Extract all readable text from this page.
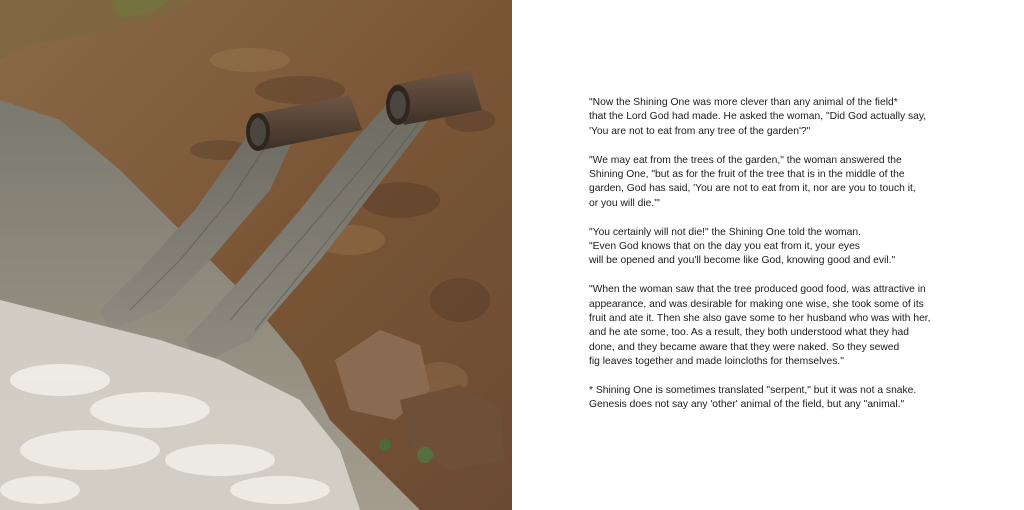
"Now the Shining One was more clever than any animal of the field*
that the Lord God had made. He asked the woman, "Did God actually say,
'You are not to eat from any tree of the garden'?"

"We may eat from the trees of the garden," the woman answered the
Shining One, "but as for the fruit of the tree that is in the middle of the
garden, God has said, 'You are not to eat from it, nor are you to touch it,
or you will die.'"

"You certainly will not die!" the Shining One told the woman.
"Even God knows that on the day you eat from it, your eyes
will be opened and you'll become like God, knowing good and evil."

"When the woman saw that the tree produced good food, was attractive in
appearance, and was desirable for making one wise, she took some of its
fruit and ate it. Then she also gave some to her husband who was with her,
and he ate some, too. As a result, they both understood what they had
done, and they became aware that they were naked. So they sewed
fig leaves together and made loincloths for themselves."

* Shining One is sometimes translated "serpent," but it was not a snake.
Genesis does not say any 'other' animal of the field, but any "animal."
